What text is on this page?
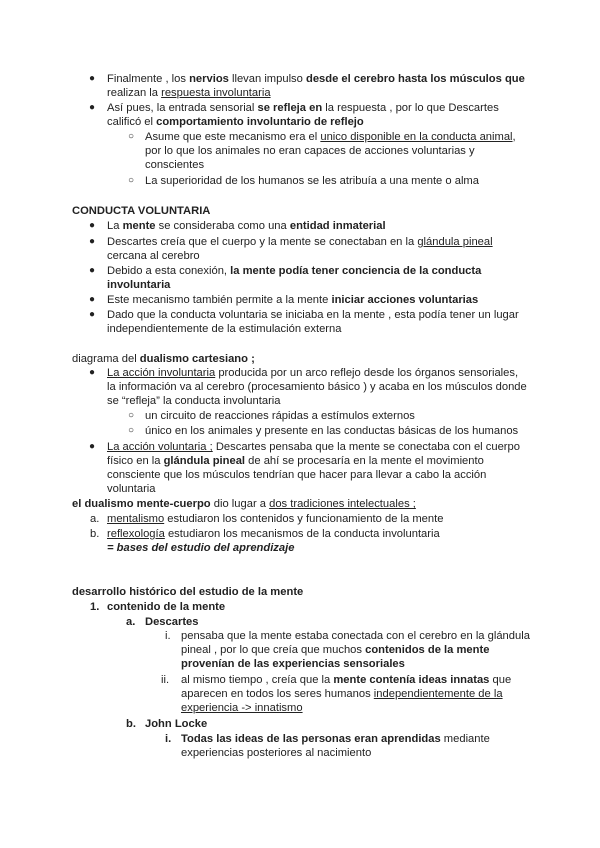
● Finalmente , los nervios llevan impulso desde el cerebro hasta los músculos que
realizan la respuesta involuntaria
● Así pues, la entrada sensorial se refleja en la respuesta , por lo que Descartes
calificó el comportamiento involuntario de reflejo
○ Asume que este mecanismo era el unico disponible en la conducta animal,
por lo que los animales no eran capaces de acciones voluntarias y
conscientes
○ La superioridad de los humanos se les atribuía a una mente o alma
CONDUCTA VOLUNTARIA
● La mente se consideraba como una entidad inmaterial
● Descartes creía que el cuerpo y la mente se conectaban en la glándula pineal
cercana al cerebro
● Debido a esta conexión, la mente podía tener conciencia de la conducta
involuntaria
● Este mecanismo también permite a la mente iniciar acciones voluntarias
● Dado que la conducta voluntaria se iniciaba en la mente , esta podía tener un lugar
independientemente de la estimulación externa
diagrama del dualismo cartesiano ;
● La acción involuntaria producida por un arco reflejo desde los órganos sensoriales,
la información va al cerebro (procesamiento básico ) y acaba en los músculos donde
se “refleja” la conducta involuntaria
○ un circuito de reacciones rápidas a estímulos externos
○ único en los animales y presente en las conductas básicas de los humanos
● La acción voluntaria ; Descartes pensaba que la mente se conectaba con el cuerpo
físico en la glándula pineal de ahí se procesaría en la mente el movimiento
consciente que los músculos tendrían que hacer para llevar a cabo la acción
voluntaria
el dualismo mente-cuerpo dio lugar a dos tradiciones intelectuales ;
a. mentalismo estudiaron los contenidos y funcionamiento de la mente
b. reflexología estudiaron los mecanismos de la conducta involuntaria
= bases del estudio del aprendizaje
desarrollo histórico del estudio de la mente
1. contenido de la mente
a. Descartes
i. pensaba que la mente estaba conectada con el cerebro en la glándula
pineal , por lo que creía que muchos contenidos de la mente
provenían de las experiencias sensoriales
ii. al mismo tiempo , creía que la mente contenía ideas innatas que
aparecen en todos los seres humanos independientemente de la
experiencia -> innatismo
b. John Locke
i. Todas las ideas de las personas eran aprendidas mediante
experiencias posteriores al nacimiento
